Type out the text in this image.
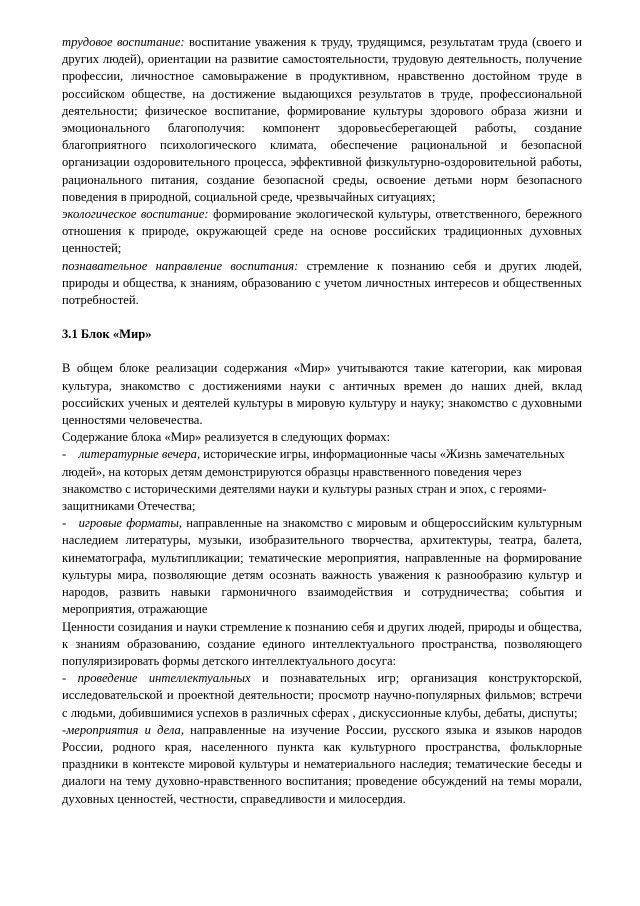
трудовое воспитание: воспитание уважения к труду, трудящимся, результатам труда (своего и других людей), ориентации на развитие самостоятельности, трудовую деятельность, получение профессии, личностное самовыражение в продуктивном, нравственно достойном труде в российском обществе, на достижение выдающихся результатов в труде, профессиональной деятельности; физическое воспитание, формирование культуры здорового образа жизни и эмоционального благополучия: компонент здоровьесберегающей работы, создание благоприятного психологического климата, обеспечение рациональной и безопасной организации оздоровительного процесса, эффективной физкультурно-оздоровительной работы, рационального питания, создание безопасной среды, освоение детьми норм безопасного поведения в природной, социальной среде, чрезвычайных ситуациях;

экологическое воспитание: формирование экологической культуры, ответственного, бережного отношения к природе, окружающей среде на основе российских традиционных духовных ценностей;

познавательное направление воспитания: стремление к познанию себя и других людей, природы и общества, к знаниям, образованию с учетом личностных интересов и общественных потребностей.

3.1 Блок «Мир»

В общем блоке реализации содержания «Мир» учитываются такие категории, как мировая культура, знакомство с достижениями науки с античных времен до наших дней, вклад российских ученых и деятелей культуры в мировую культуру и науку; знакомство с духовными ценностями человечества.

Содержание блока «Мир» реализуется в следующих формах:

- литературные вечера, исторические игры, информационные часы «Жизнь замечательных людей», на которых детям демонстрируются образцы нравственного поведения через знакомство с историческими деятелями науки и культуры разных стран и эпох, с героями-защитниками Отечества;

- игровые форматы, направленные на знакомство с мировым и общероссийским культурным наследием литературы, музыки, изобразительного творчества, архитектуры, театра, балета, кинематографа, мультипликации; тематические мероприятия, направленные на формирование культуры мира, позволяющие детям осознать важность уважения к разнообразию культур и народов, развить навыки гармоничного взаимодействия и сотрудничества; события и мероприятия, отражающие

Ценности созидания и науки стремление к познанию себя и других людей, природы и общества, к знаниям образованию, создание единого интеллектуального пространства, позволяющего популяризировать формы детского интеллектуального досуга:

- проведение интеллектуальных и познавательных игр; организация конструкторской, исследовательской и проектной деятельности; просмотр научно-популярных фильмов; встречи с людьми, добившимися успехов в различных сферах , дискуссионные клубы, дебаты, диспуты;

-мероприятия и дела, направленные на изучение России, русского языка и языков народов России, родного края, населенного пункта как культурного пространства, фольклорные праздники в контексте мировой культуры и нематериального наследия; тематические беседы и диалоги на тему духовно-нравственного воспитания; проведение обсуждений на темы морали, духовных ценностей, честности, справедливости и милосердия.
